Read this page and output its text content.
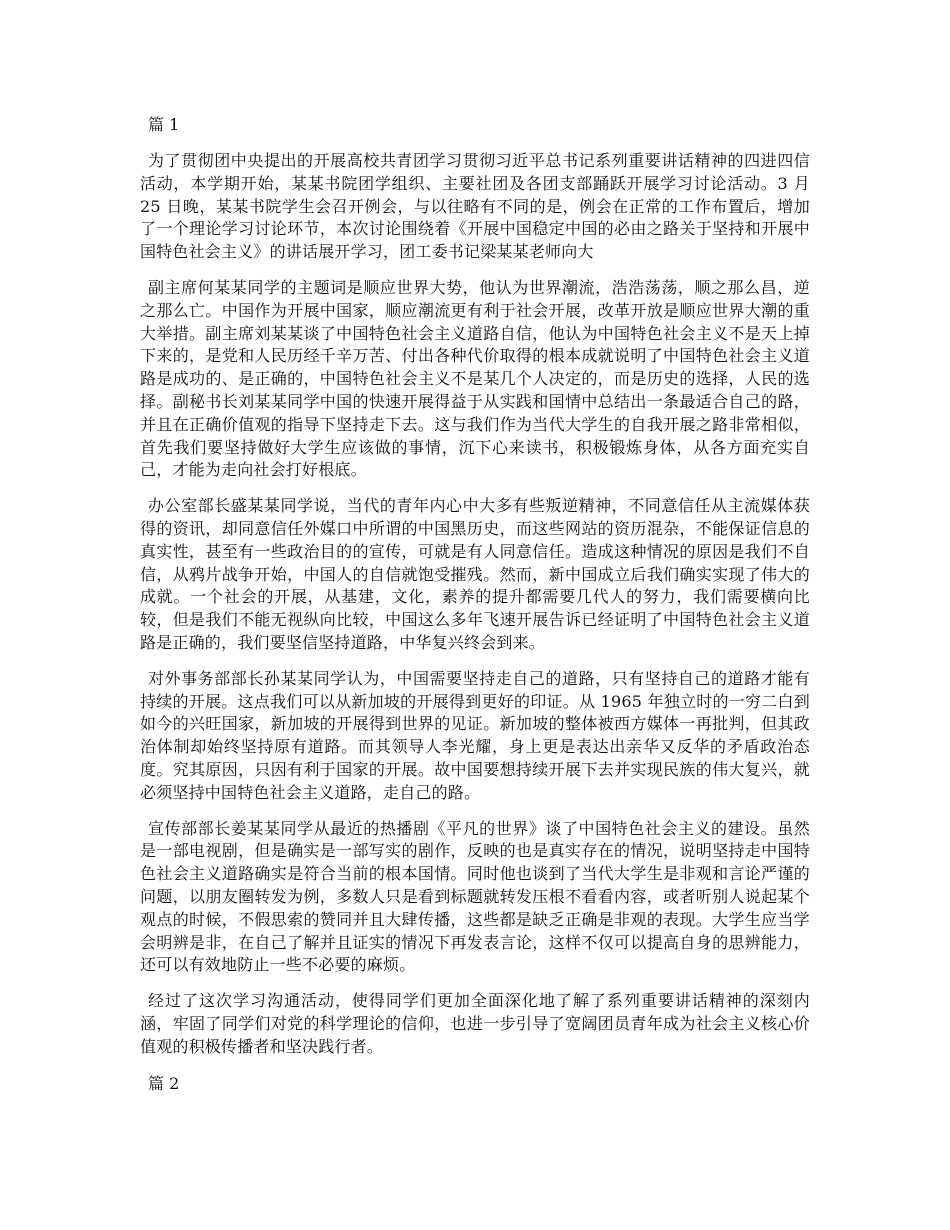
篇 1

为了贯彻团中央提出的开展高校共青团学习贯彻习近平总书记系列重要讲话精神的四进四信活动，本学期开始，某某书院团学组织、主要社团及各团支部踊跃开展学习讨论活动。3 月 25 日晚，某某书院学生会召开例会，与以往略有不同的是，例会在正常的工作布置后，增加了一个理论学习讨论环节，本次讨论围绕着《开展中国稳定中国的必由之路关于坚持和开展中国特色社会主义》的讲话展开学习，团工委书记梁某某老师向大

副主席何某某同学的主题词是顺应世界大势，他认为世界潮流，浩浩荡荡，顺之那么昌，逆之那么亡。中国作为开展中国家，顺应潮流更有利于社会开展，改革开放是顺应世界大潮的重大举措。副主席刘某某谈了中国特色社会主义道路自信，他认为中国特色社会主义不是天上掉下来的，是党和人民历经千辛万苦、付出各种代价取得的根本成就说明了中国特色社会主义道路是成功的、是正确的，中国特色社会主义不是某几个人决定的，而是历史的选择，人民的选择。副秘书长刘某某同学中国的快速开展得益于从实践和国情中总结出一条最适合自己的路，并且在正确价值观的指导下坚持走下去。这与我们作为当代大学生的自我开展之路非常相似，首先我们要坚持做好大学生应该做的事情，沉下心来读书，积极锻炼身体，从各方面充实自己，才能为走向社会打好根底。

办公室部长盛某某同学说，当代的青年内心中大多有些叛逆精神，不同意信任从主流媒体获得的资讯，却同意信任外媒口中所谓的中国黑历史，而这些网站的资历混杂，不能保证信息的真实性，甚至有一些政治目的的宣传，可就是有人同意信任。造成这种情况的原因是我们不自信，从鸦片战争开始，中国人的自信就饱受摧残。然而，新中国成立后我们确实实现了伟大的成就。一个社会的开展，从基建，文化，素养的提升都需要几代人的努力，我们需要横向比较，但是我们不能无视纵向比较，中国这么多年飞速开展告诉已经证明了中国特色社会主义道路是正确的，我们要坚信坚持道路，中华复兴终会到来。

对外事务部部长孙某某同学认为，中国需要坚持走自己的道路，只有坚持自己的道路才能有持续的开展。这点我们可以从新加坡的开展得到更好的印证。从 1965 年独立时的一穷二白到如今的兴旺国家，新加坡的开展得到世界的见证。新加坡的整体被西方媒体一再批判，但其政治体制却始终坚持原有道路。而其领导人李光耀，身上更是表达出亲华又反华的矛盾政治态度。究其原因，只因有利于国家的开展。故中国要想持续开展下去并实现民族的伟大复兴，就必须坚持中国特色社会主义道路，走自己的路。

宣传部部长姜某某同学从最近的热播剧《平凡的世界》谈了中国特色社会主义的建设。虽然是一部电视剧，但是确实是一部写实的剧作，反映的也是真实存在的情况，说明坚持走中国特色社会主义道路确实是符合当前的根本国情。同时他也谈到了当代大学生是非观和言论严谨的问题，以朋友圈转发为例，多数人只是看到标题就转发压根不看看内容，或者听别人说起某个观点的时候，不假思索的赞同并且大肆传播，这些都是缺乏正确是非观的表现。大学生应当学会明辨是非，在自己了解并且证实的情况下再发表言论，这样不仅可以提高自身的思辨能力，还可以有效地防止一些不必要的麻烦。

经过了这次学习沟通活动，使得同学们更加全面深化地了解了系列重要讲话精神的深刻内涵，牢固了同学们对党的科学理论的信仰，也进一步引导了宽阔团员青年成为社会主义核心价值观的积极传播者和坚决践行者。

篇 2
